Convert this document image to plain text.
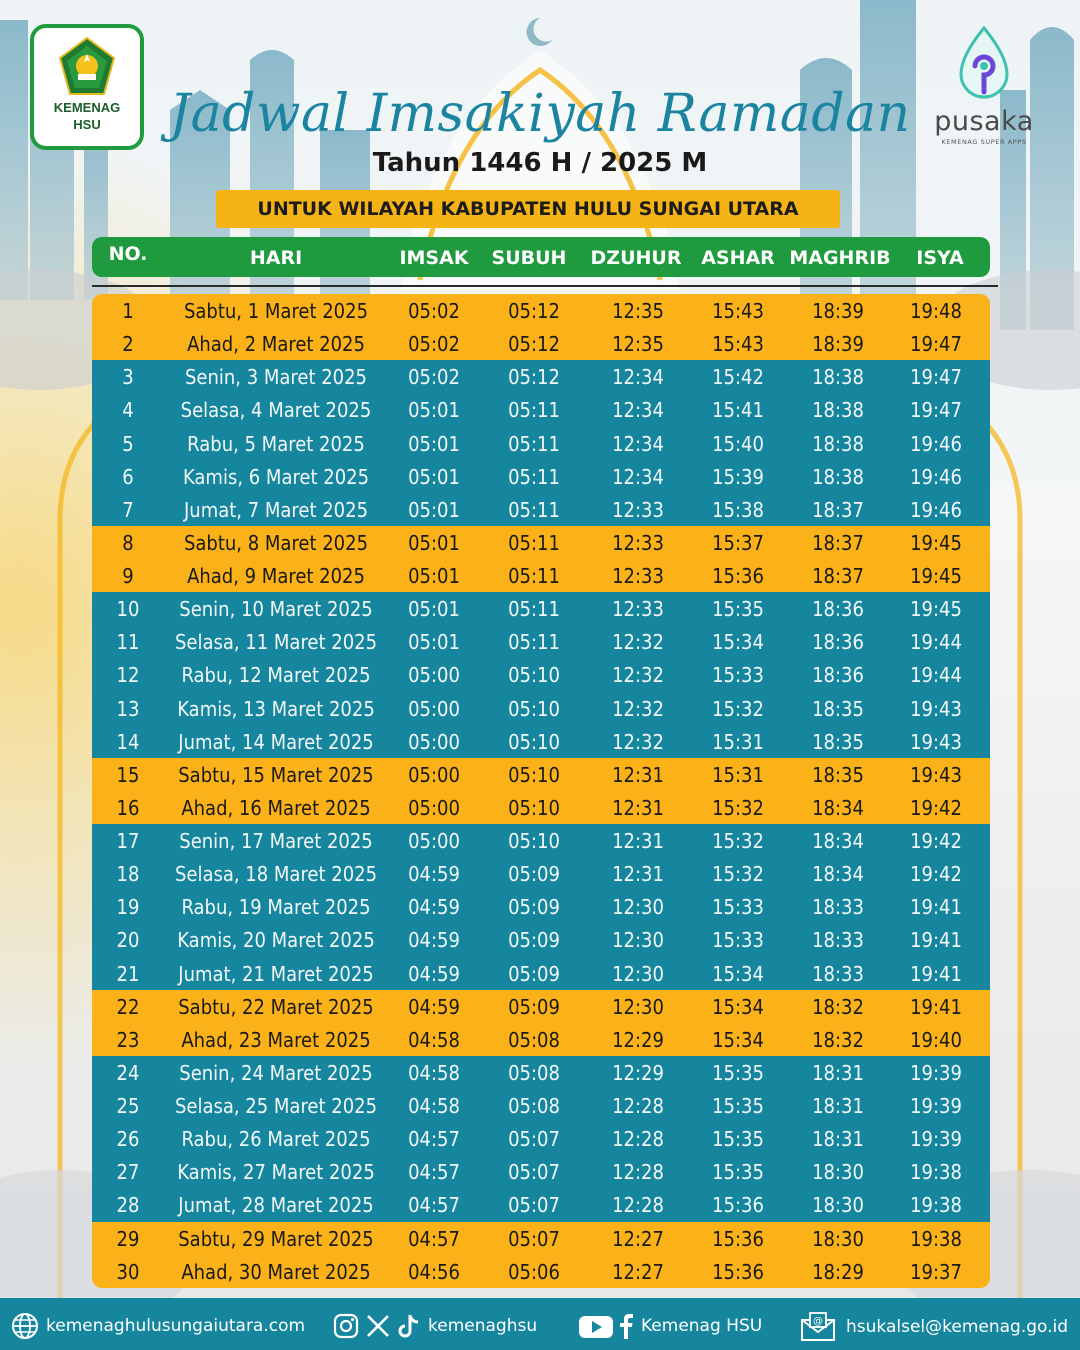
KEMENAG
HSU	pusaka
KEMENAG SUPER APPS
Jadwal Imsakiyah Ramadan
Tahun 1446 H / 2025 M
UNTUK WILAYAH KABUPATEN HULU SUNGAI UTARA
NO.	HARI	IMSAK SUBUH DZUHUR ASHAR MAGHRIB ISYA
1	Sabtu, 1 Maret 2025 05:02 05:12	12:35 15:43 18:39 19:48
2	Ahad, 2 Maret 2025 05:02 05:12	12:35 15:43 18:39 19:47
3	Senin, 3 Maret 2025 05:02 05:12	12:34 15:42 18:38 19:47
4 Selasa, 4 Maret 2025 05:01 05:11	12:34 15:41 18:38 19:47
5	Rabu, 5 Maret 2025 05:01 05:11	12:34 15:40 18:38 19:46
6 Kamis, 6 Maret 2025 05:01 05:11	12:34 15:39 18:38 19:46
7	Jumat, 7 Maret 2025 05:01 05:11	12:33 15:38 18:37 19:46
8	Sabtu, 8 Maret 2025 05:01 05:11	12:33 15:37 18:37 19:45
9	Ahad, 9 Maret 2025 05:01 05:11	12:33 15:36 18:37 19:45
10 Senin, 10 Maret 2025 05:01 05:11	12:33 15:35 18:36 19:45
11 Selasa, 11 Maret 2025 05:01 05:11	12:32 15:34 18:36 19:44
12 Rabu, 12 Maret 2025 05:00 05:10	12:32 15:33 18:36 19:44
13 Kamis, 13 Maret 2025 05:00 05:10	12:32 15:32 18:35 19:43
14 Jumat, 14 Maret 2025 05:00 05:10	12:32 15:31 18:35 19:43
15 Sabtu, 15 Maret 2025 05:00 05:10	12:31 15:31 18:35 19:43
16 Ahad, 16 Maret 2025 05:00 05:10	12:31 15:32 18:34 19:42
17 Senin, 17 Maret 2025 05:00 05:10	12:31 15:32 18:34 19:42
18 Selasa, 18 Maret 2025 04:59 05:09	12:31 15:32 18:34 19:42
19 Rabu, 19 Maret 2025 04:59 05:09	12:30 15:33 18:33 19:41
20 Kamis, 20 Maret 2025 04:59 05:09	12:30 15:33 18:33 19:41
21 Jumat, 21 Maret 2025 04:59 05:09	12:30 15:34 18:33 19:41
22 Sabtu, 22 Maret 2025 04:59 05:09	12:30 15:34 18:32 19:41
23 Ahad, 23 Maret 2025 04:58 05:08	12:29 15:34 18:32 19:40
24 Senin, 24 Maret 2025 04:58 05:08	12:29 15:35 18:31 19:39
25 Selasa, 25 Maret 2025 04:58 05:08	12:28 15:35 18:31 19:39
26 Rabu, 26 Maret 2025 04:57 05:07	12:28 15:35 18:31 19:39
27 Kamis, 27 Maret 2025 04:57 05:07	12:28 15:35 18:30 19:38
28 Jumat, 28 Maret 2025 04:57 05:07	12:28 15:36 18:30 19:38
29 Sabtu, 29 Maret 2025 04:57 05:07	12:27 15:36 18:30 19:38
30 Ahad, 30 Maret 2025 04:56 05:06	12:27 15:36 18:29 19:37
kemenaghulusungaiutara.com	kemenaghsu	Kemenag HSU	@ hsukalsel@kemenag.go.id
